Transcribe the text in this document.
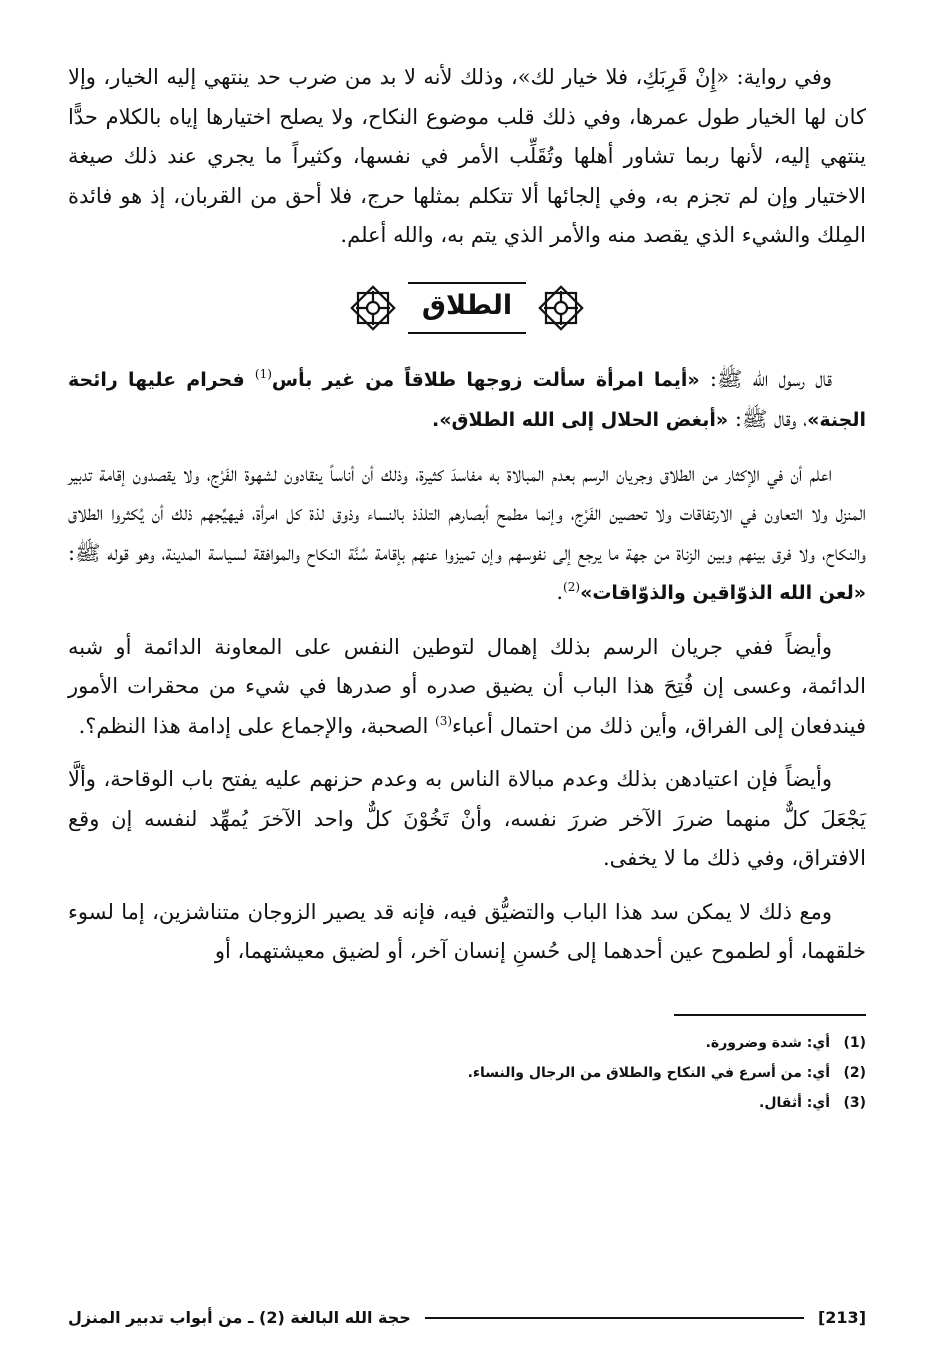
وفي رواية: «إِنْ قَرِبَكِ، فلا خيار لك»، وذلك لأنه لا بد من ضرب حد ينتهي إليه الخيار، وإلا كان لها الخيار طول عمرها، وفي ذلك قلب موضوع النكاح، ولا يصلح اختيارها إياه بالكلام حدًّا ينتهي إليه، لأنها ربما تشاور أهلها وتُقَلِّب الأمر في نفسها، وكثيراً ما يجري عند ذلك صيغة الاختيار وإن لم تجزم به، وفي إلجائها ألا تتكلم بمثلها حرج، فلا أحق من القربان، إذ هو فائدة المِلك والشيء الذي يقصد منه والأمر الذي يتم به، والله أعلم.

الطلاق

قال رسول الله ﷺ: «أيما امرأة سألت زوجها طلاقاً من غير بأس$^{(1)}$ فحرام عليها رائحة الجنة»، وقال ﷺ: «أبغض الحلال إلى الله الطلاق».

اعلم أن في الإكثار من الطلاق وجريان الرسم بعدم المبالاة به مفاسدَ كثيرة، وذلك أن أناساً ينقادون لشهوة الفَرْج، ولا يقصدون إقامة تدبير المنزل ولا التعاون في الارتفاقات ولا تحصين الفَرْج، وإنما مطمح أبصارهم التلذذ بالنساء وذوق لذة كل امرأة، فيهيِّجهم ذلك أن يُكثروا الطلاق والنكاح، ولا فرق بينهم وبين الزناة من جهة ما يرجع إلى نفوسهم وإن تميزوا عنهم بإقامة سُنَّة النكاح والموافقة لسياسة المدينة، وهو قوله ﷺ: «لعن الله الذوّاقين والذوّاقات»$^{(2)}$.

وأيضاً ففي جريان الرسم بذلك إهمال لتوطين النفس على المعاونة الدائمة أو شبه الدائمة، وعسى إن فُتِحَ هذا الباب أن يضيق صدره أو صدرها في شيء من محقرات الأمور فيندفعان إلى الفراق، وأين ذلك من احتمال أعباء$^{(3)}$ الصحبة، والإجماع على إدامة هذا النظم؟.

وأيضاً فإن اعتيادهن بذلك وعدم مبالاة الناس به وعدم حزنهم عليه يفتح باب الوقاحة، وألَّا يَجْعَلَ كلٌّ منهما ضررَ الآخر ضررَ نفسه، وأنْ تَخُوْنَ كلٌّ واحد الآخرَ يُمهِّد لنفسه إن وقع الافتراق، وفي ذلك ما لا يخفى.

ومع ذلك لا يمكن سد هذا الباب والتضيُّق فيه، فإنه قد يصير الزوجان متناشزين، إما لسوء خلقهما، أو لطموح عين أحدهما إلى حُسنِ إنسان آخر، أو لضيق معيشتهما، أو

(1)
أي: شدة وضرورة.
(2)
أي: من أسرع في النكاح والطلاق من الرجال والنساء.
(3)
أي: أثقال.
[213]
حجة الله البالغة (2) ـ من أبواب تدبير المنزل
